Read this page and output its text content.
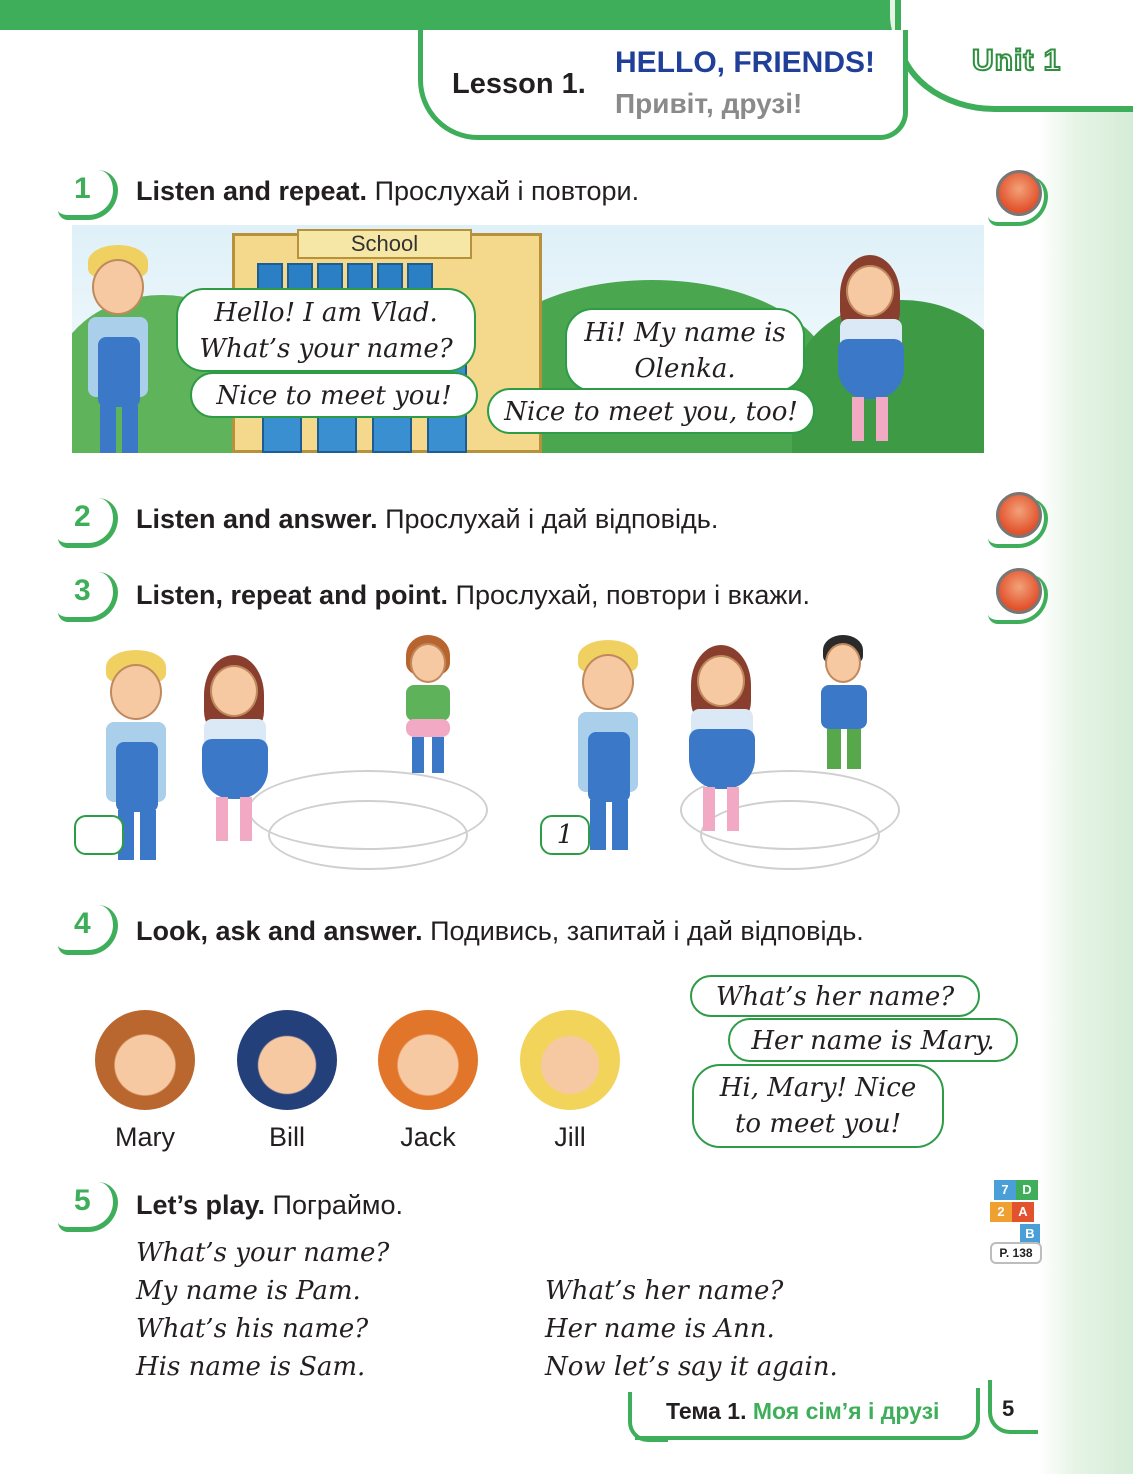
Unit 1
Lesson 1.
HELLO, FRIENDS!
Привіт, друзі!
1 Listen and repeat. Прослухай і повтори.
School
Hello! I am Vlad. What’s your name?
Nice to meet you!
Hi! My name is Olenka.
Nice to meet you, too!
2 Listen and answer. Прослухай і дай відповідь.
3 Listen, repeat and point. Прослухай, повтори і вкажи.
1
4 Look, ask and answer. Подивись, запитай і дай відповідь.
Mary	Bill	Jack	Jill
What’s her name?
Her name is Mary.
Hi, Mary! Nice to meet you!
5 Let’s play. Пограймо.
7	D
2	A
B
P. 138
What’s your name?
My name is Pam.
What’s his name?
His name is Sam.
What’s her name?
Her name is Ann.
Now let’s say it again.
Тема 1. Моя сім’я і друзі	5
